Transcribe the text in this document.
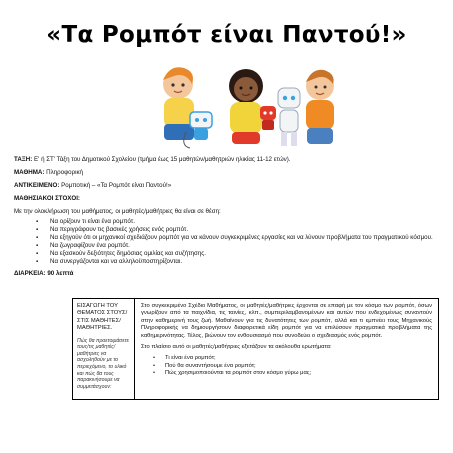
«Τα Ρομπότ είναι Παντού!»

ΤΑΞΗ: Ε' ή ΣΤ' Τάξη του Δημοτικού Σχολείου (τμήμα έως 15 μαθητών/μαθητριών ηλικίας 11-12 ετών).

ΜΑΘΗΜΑ: Πληροφορική

ΑΝΤΙΚΕΙΜΕΝΟ: Ρομποτική – «Τα Ρομπότ είναι Παντού!»

ΜΑΘΗΣΙΑΚΟΙ ΣΤΟΧΟΙ:

Με την ολοκλήρωση του μαθήματος, οι μαθητές/μαθήτριες θα είναι σε θέση:

▪ Να ορίζουν τι είναι ένα ρομπότ.
▪ Να περιγράφουν τις βασικές χρήσεις ενός ρομπότ.
▪ Να εξηγούν ότι οι μηχανικοί σχεδιάζουν ρομπότ για να κάνουν συγκεκριμένες εργασίες και να λύνουν προβλήματα του πραγματικού κόσμου.
▪ Να ζωγραφίζουν ένα ρομπότ.
▪ Να εξασκούν δεξιότητες δημόσιας ομιλίας και συζήτησης.
▪ Να συνεργάζονται και να αλληλοϋποστηρίζονται.

ΔΙΑΡΚΕΙΑ: 90 λεπτά

ΕΙΣΑΓΩΓΗ ΤΟΥ ΘΕΜΑΤΟΣ ΣΤΟΥΣ/ΣΤΙΣ ΜΑΘΗΤΕΣ/ΜΑΘΗΤΡΙΕΣ.
Πώς θα προετοιμάσετε τους/τις μαθητές/μαθήτριες να ασχοληθούν με το περιεχόμενο, το υλικό και πώς θα τους παρακινήσουμε να συμμετάσχουν:

Στο συγκεκριμένο Σχέδιο Μαθήματος, οι μαθητές/μαθήτριες έρχονται σε επαφή με τον κόσμο των ρομπότ, όσων γνωρίζουν από τα παιχνίδια, τις ταινίες, κλπ., συμπεριλαμβανομένων και αυτών που ενδεχομένως συναντούν στην καθημερινή τους ζωή. Μαθαίνουν για τις δυνατότητες των ρομπότ, αλλά και τι εμπνέει τους Μηχανικούς Πληροφορικής να δημιουργήσουν διαφορετικά είδη ρομπότ για να επιλύσουν πραγματικά προβλήματα της καθημερινότητας. Τέλος, βιώνουν τον ενθουσιασμό που συνοδεύει ο σχεδιασμός ενός ρομπότ.

Στο πλαίσιο αυτό οι μαθητές/μαθήτριες εξετάζουν τα ακόλουθα ερωτήματα:

• Τι είναι ένα ρομπότ;
• Πού θα συναντήσουμε ένα ρομπότ;
• Πώς χρησιμοποιούνται τα ρομπότ στον κόσμο γύρω μας;
